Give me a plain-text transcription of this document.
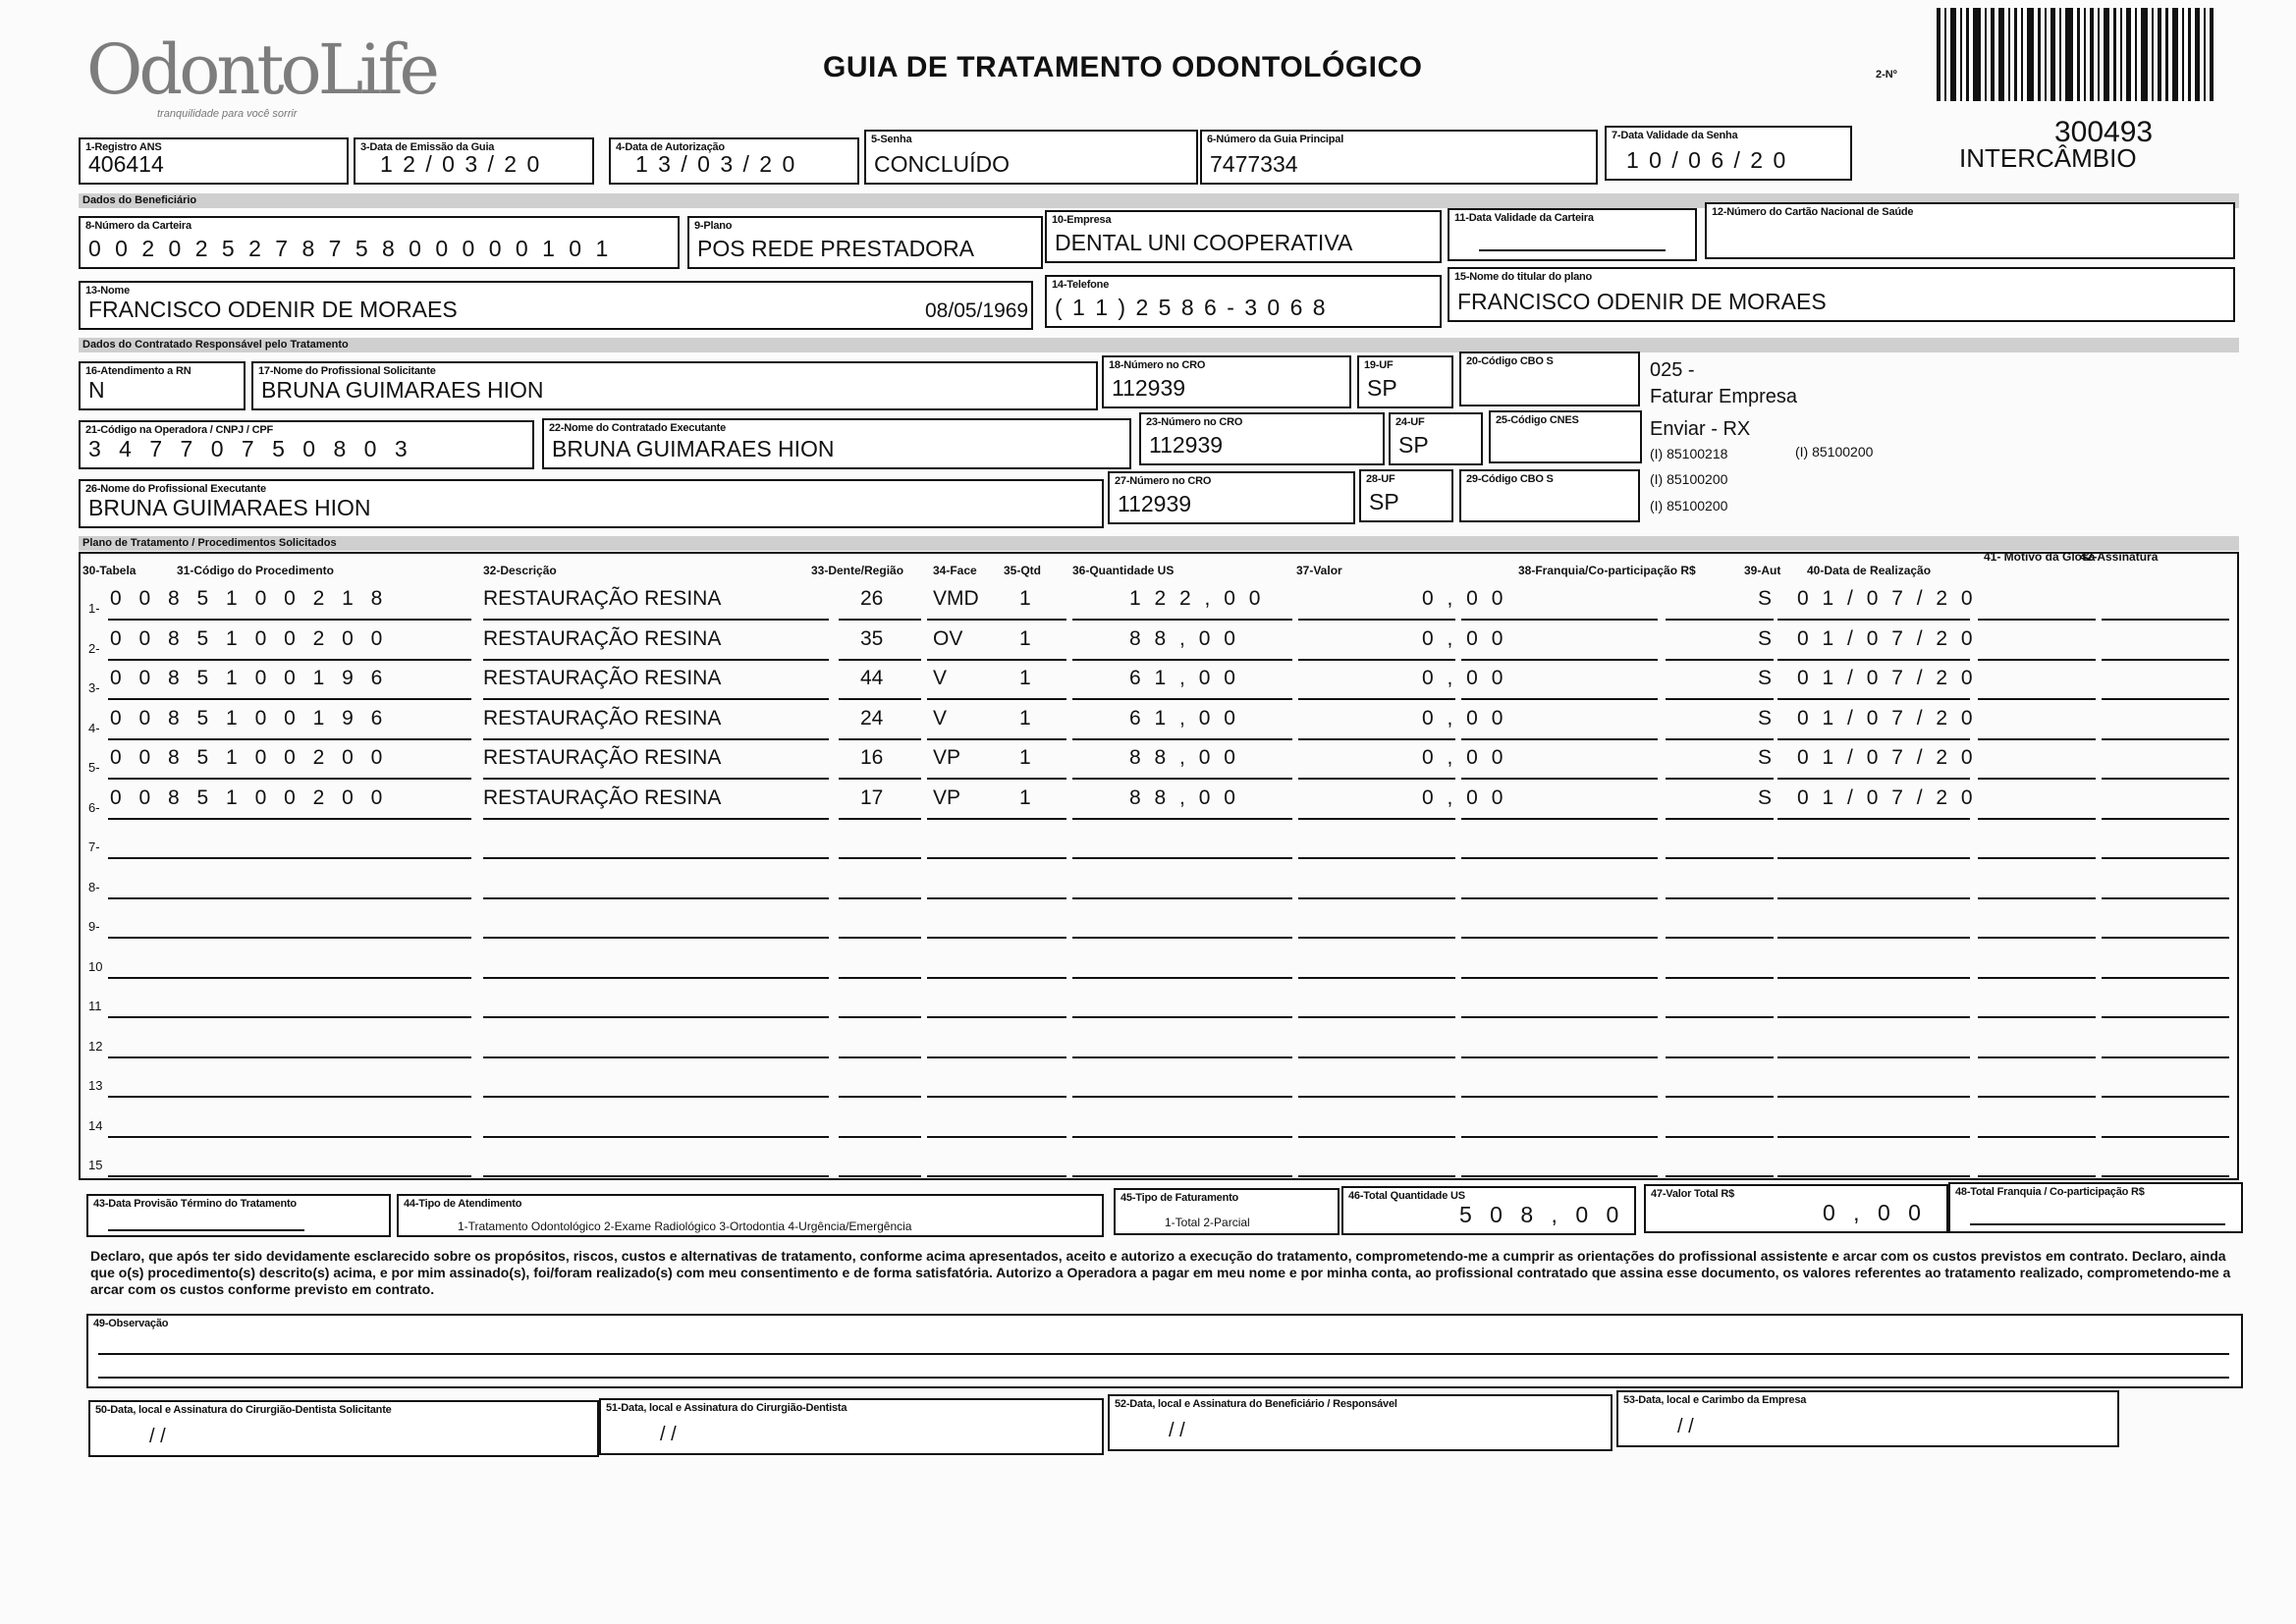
OdontoLife
tranquilidade para você sorrir
GUIA DE TRATAMENTO ODONTOLÓGICO	2-Nº
300493
INTERCÂMBIO
1-Registro ANS
406414
3-Data de Emissão da Guia
1 2 / 0 3 / 2 0
4-Data de Autorização
1 3 / 0 3 / 2 0
5-Senha
CONCLUÍDO
6-Número da Guia Principal
7477334
7-Data Validade da Senha
1 0 / 0 6 / 2 0
Dados do Beneficiário
8-Número da Carteira
0 0 2 0 2 5 2 7 8 7 5 8 0 0 0 0 0 1 0 1
9-Plano
POS REDE PRESTADORA
10-Empresa
DENTAL UNI COOPERATIVA
11-Data Validade da Carteira	12-Número do Cartão Nacional de Saúde
13-Nome
FRANCISCO ODENIR DE MORAES	08/05/1969
14-Telefone
( 1 1 ) 2 5 8 6 - 3 0 6 8
15-Nome do titular do plano
FRANCISCO ODENIR DE MORAES
Dados do Contratado Responsável pelo Tratamento
16-Atendimento a RN
N
17-Nome do Profissional Solicitante
BRUNA GUIMARAES HION
18-Número no CRO
112939
19-UF
SP
20-Código CBO S
21-Código na Operadora / CNPJ / CPF
3 4 7 7 0 7 5 0 8 0 3
22-Nome do Contratado Executante
BRUNA GUIMARAES HION
23-Número no CRO
112939
24-UF
SP
25-Código CNES
26-Nome do Profissional Executante
BRUNA GUIMARAES HION
27-Número no CRO
112939
28-UF
SP
29-Código CBO S
025 -
Faturar Empresa
Enviar - RX
(I) 85100218	(I) 85100200
(I) 85100200
(I) 85100200
Plano de Tratamento / Procedimentos Solicitados
30-Tabela	31-Código do Procedimento	32-Descrição	33-Dente/Região 34-Face 35-Qtd	36-Quantidade US	37-Valor	38-Franquia/Co-participação R$	39-Aut 40-Data de Realização
41- Motivo da Glosa
42-Assinatura
1- 0 0 8 5 1 0 0 2 1 8	RESTAURAÇÃO RESINA	26 VMD 1	1 2 2 , 0 0	0 , 0 0	S 0 1 / 0 7 / 2 0
2- 0 0 8 5 1 0 0 2 0 0	RESTAURAÇÃO RESINA	35 OV	1	8 8 , 0 0	0 , 0 0	S 0 1 / 0 7 / 2 0
3- 0 0 8 5 1 0 0 1 9 6	RESTAURAÇÃO RESINA	44 V	1	6 1 , 0 0	0 , 0 0	S 0 1 / 0 7 / 2 0
4- 0 0 8 5 1 0 0 1 9 6	RESTAURAÇÃO RESINA	24 V	1	6 1 , 0 0	0 , 0 0	S 0 1 / 0 7 / 2 0
5- 0 0 8 5 1 0 0 2 0 0	RESTAURAÇÃO RESINA	16 VP	1	8 8 , 0 0	0 , 0 0	S 0 1 / 0 7 / 2 0
6- 0 0 8 5 1 0 0 2 0 0	RESTAURAÇÃO RESINA	17 VP	1	8 8 , 0 0	0 , 0 0	S 0 1 / 0 7 / 2 0
7-
8-
9-
10
11
12
13
14
15
43-Data Provisão Término do Tratamento	44-Tipo de Atendimento
1-Tratamento Odontológico 2-Exame Radiológico 3-Ortodontia 4-Urgência/Emergência
45-Tipo de Faturamento
1-Total 2-Parcial
46-Total Quantidade US
5 0 8 , 0 0
47-Valor Total R$
0 , 0 0
48-Total Franquia / Co-participação R$
Declaro, que após ter sido devidamente esclarecido sobre os propósitos, riscos, custos e alternativas de tratamento, conforme acima apresentados, aceito e autorizo a execução do tratamento, comprometendo-me a cumprir as orientações do profissional assistente e arcar com os custos previstos em contrato. Declaro, ainda que o(s) procedimento(s) descrito(s) acima, e por mim assinado(s), foi/foram realizado(s) com meu consentimento e de forma satisfatória. Autorizo a Operadora a pagar em meu nome e por minha conta, ao profissional contratado que assina esse documento, os valores referentes ao tratamento realizado, comprometendo-me a arcar com os custos conforme previsto em contrato.
49-Observação
50-Data, local e Assinatura do Cirurgião-Dentista Solicitante
/ /
51-Data, local e Assinatura do Cirurgião-Dentista
/ /
52-Data, local e Assinatura do Beneficiário / Responsável
/ /
53-Data, local e Carimbo da Empresa
/ /
